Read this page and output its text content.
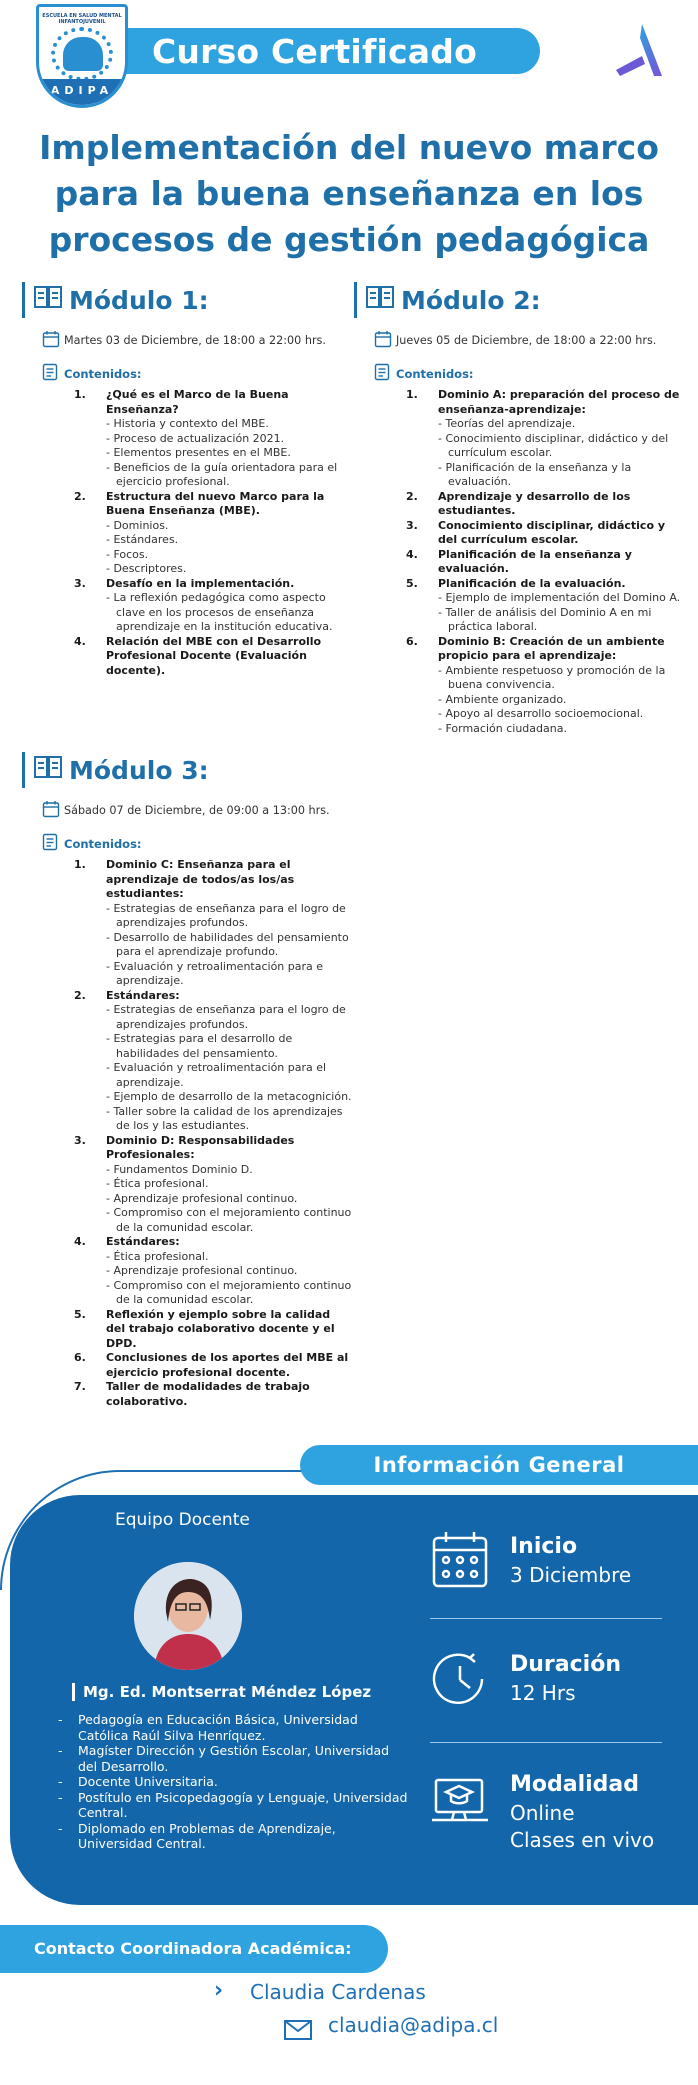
Curso Certificado
ESCUELA EN SALUD MENTAL INFANTOJUVENIL
ADIPA
Implementación del nuevo marco
para la buena enseñanza en los
procesos de gestión pedagógica
Módulo 1:
Martes 03 de Diciembre, de 18:00 a 22:00 hrs.
Contenidos:
1. ¿Qué es el Marco de la Buena Enseñanza?
- Historia y contexto del MBE.
- Proceso de actualización 2021.
- Elementos presentes en el MBE.
- Beneficios de la guía orientadora para el ejercicio profesional.
2. Estructura del nuevo Marco para la Buena Enseñanza (MBE).
- Dominios.
- Estándares.
- Focos.
- Descriptores.
3. Desafío en la implementación.
- La reflexión pedagógica como aspecto clave en los procesos de enseñanza aprendizaje en la institución educativa.
4. Relación del MBE con el Desarrollo Profesional Docente (Evaluación docente).
Módulo 2:
Jueves 05 de Diciembre, de 18:00 a 22:00 hrs.
Contenidos:
1. Dominio A: preparación del proceso de enseñanza-aprendizaje:
- Teorías del aprendizaje.
- Conocimiento disciplinar, didáctico y del currículum escolar.
- Planificación de la enseñanza y la evaluación.
2. Aprendizaje y desarrollo de los estudiantes.
3. Conocimiento disciplinar, didáctico y del currículum escolar.
4. Planificación de la enseñanza y evaluación.
5. Planificación de la evaluación.
- Ejemplo de implementación del Domino A.
- Taller de análisis del Dominio A en mi práctica laboral.
6. Dominio B: Creación de un ambiente propicio para el aprendizaje:
- Ambiente respetuoso y promoción de la buena convivencia.
- Ambiente organizado.
- Apoyo al desarrollo socioemocional.
- Formación ciudadana.
Módulo 3:
Sábado 07 de Diciembre, de 09:00 a 13:00 hrs.
Contenidos:
1. Dominio C: Enseñanza para el aprendizaje de todos/as los/as estudiantes:
- Estrategias de enseñanza para el logro de aprendizajes profundos.
- Desarrollo de habilidades del pensamiento para el aprendizaje profundo.
- Evaluación y retroalimentación para e aprendizaje.
2. Estándares:
- Estrategias de enseñanza para el logro de aprendizajes profundos.
- Estrategias para el desarrollo de habilidades del pensamiento.
- Evaluación y retroalimentación para el aprendizaje.
- Ejemplo de desarrollo de la metacognición.
- Taller sobre la calidad de los aprendizajes de los y las estudiantes.
3. Dominio D: Responsabilidades Profesionales:
- Fundamentos Dominio D.
- Ética profesional.
- Aprendizaje profesional continuo.
- Compromiso con el mejoramiento continuo de la comunidad escolar.
4. Estándares:
- Ética profesional.
- Aprendizaje profesional continuo.
- Compromiso con el mejoramiento continuo de la comunidad escolar.
5. Reflexión y ejemplo sobre la calidad del trabajo colaborativo docente y el DPD.
6. Conclusiones de los aportes del MBE al ejercicio profesional docente.
7. Taller de modalidades de trabajo colaborativo.
Información General
Equipo Docente
Mg. Ed. Montserrat Méndez López
- Pedagogía en Educación Básica, Universidad Católica Raúl Silva Henríquez.
- Magíster Dirección y Gestión Escolar, Universidad del Desarrollo.
- Docente Universitaria.
- Postítulo en Psicopedagogía y Lenguaje, Universidad Central.
- Diplomado en Problemas de Aprendizaje, Universidad Central.
Inicio
3 Diciembre
Duración
12 Hrs
Modalidad
Online
Clases en vivo
Contacto Coordinadora Académica:
› Claudia Cardenas
claudia@adipa.cl
